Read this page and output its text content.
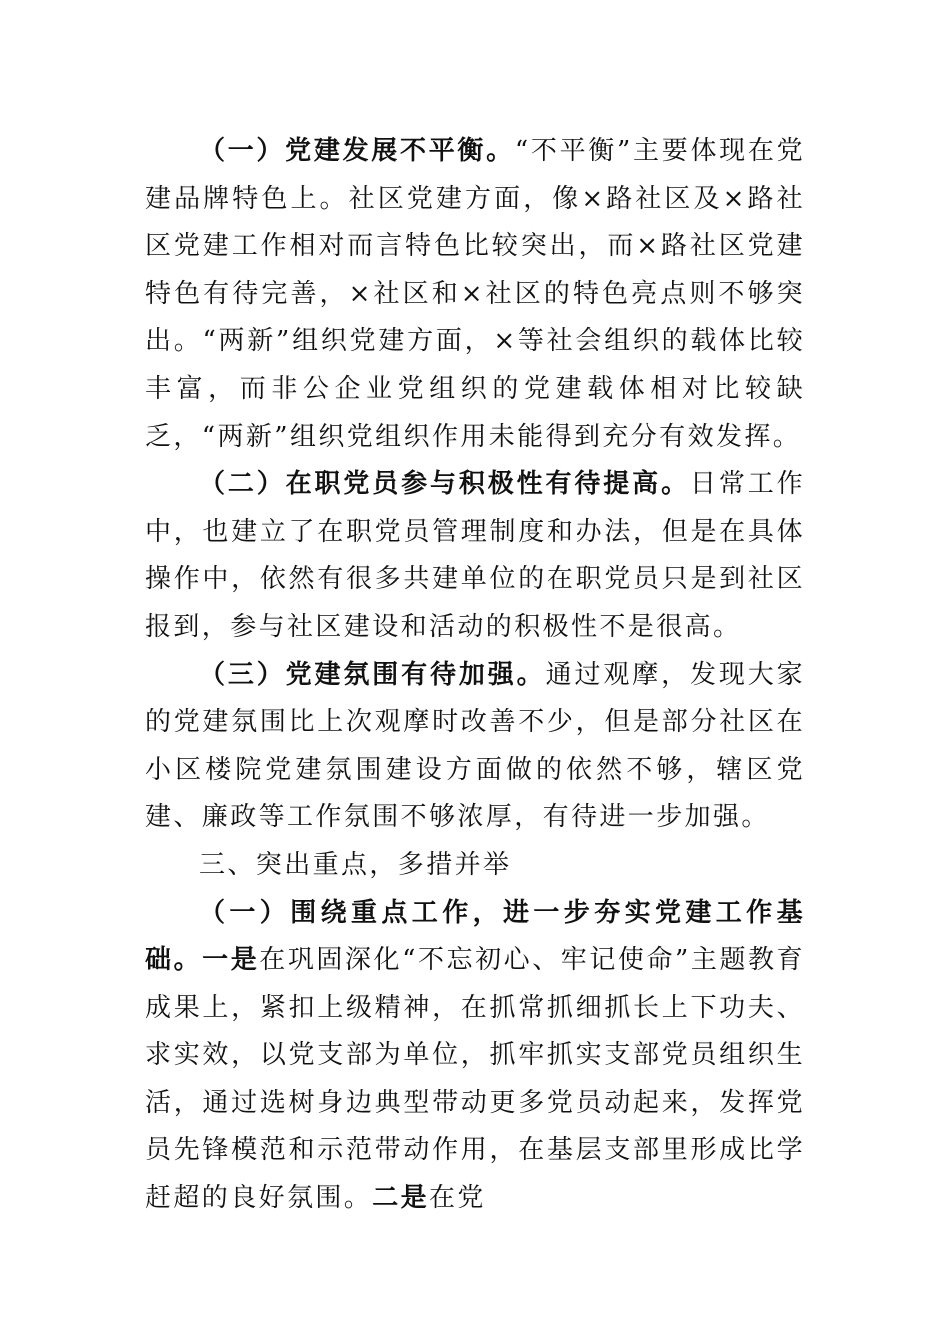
（一）党建发展不平衡。“不平衡”主要体现在党建品牌特色上。社区党建方面，像×路社区及×路社区党建工作相对而言特色比较突出，而×路社区党建特色有待完善，×社区和×社区的特色亮点则不够突出。“两新”组织党建方面，×等社会组织的载体比较丰富，而非公企业党组织的党建载体相对比较缺乏，“两新”组织党组织作用未能得到充分有效发挥。

（二）在职党员参与积极性有待提高。日常工作中，也建立了在职党员管理制度和办法，但是在具体操作中，依然有很多共建单位的在职党员只是到社区报到，参与社区建设和活动的积极性不是很高。

（三）党建氛围有待加强。通过观摩，发现大家的党建氛围比上次观摩时改善不少，但是部分社区在小区楼院党建氛围建设方面做的依然不够，辖区党建、廉政等工作氛围不够浓厚，有待进一步加强。

三、突出重点，多措并举

（一）围绕重点工作，进一步夯实党建工作基础。一是在巩固深化“不忘初心、牢记使命”主题教育成果上，紧扣上级精神，在抓常抓细抓长上下功夫、求实效，以党支部为单位，抓牢抓实支部党员组织生活，通过选树身边典型带动更多党员动起来，发挥党员先锋模范和示范带动作用，在基层支部里形成比学赶超的良好氛围。二是在党
